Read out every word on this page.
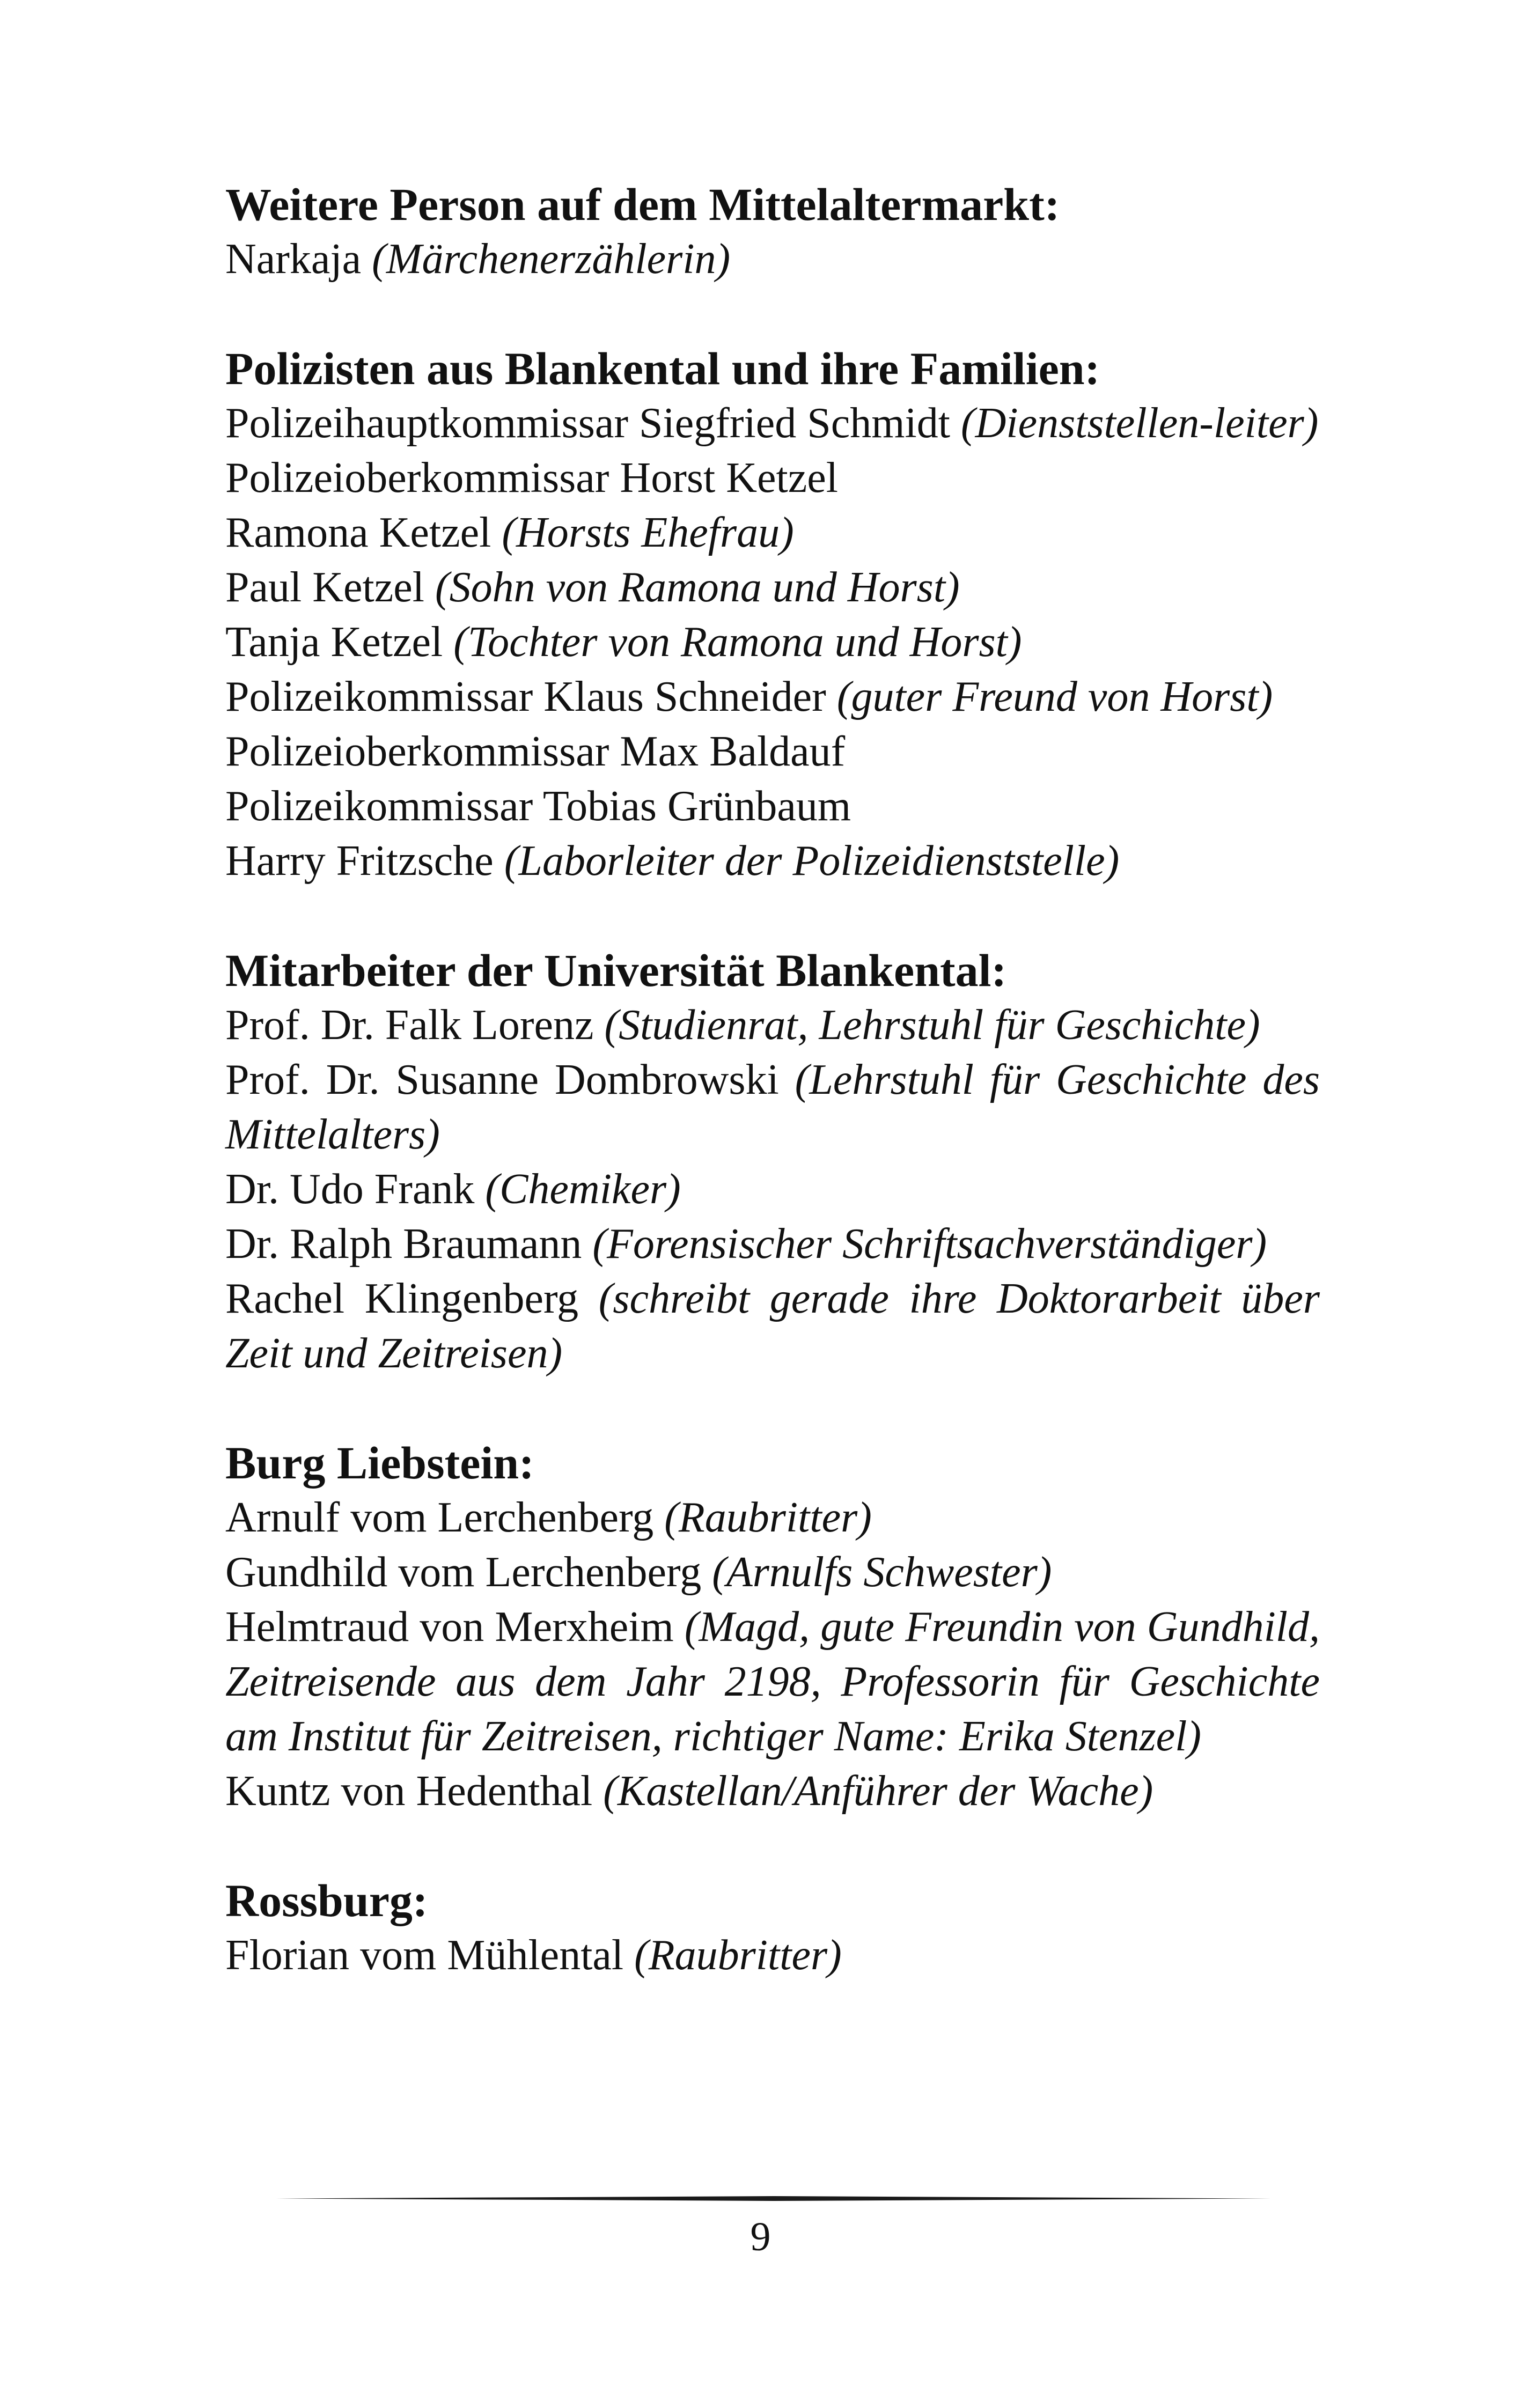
Weitere Person auf dem Mittelaltermarkt:

Narkaja (Märchenerzählerin)

Polizisten aus Blankental und ihre Familien:

Polizeihauptkommissar Siegfried Schmidt (Dienststellen-leiter)

Polizeioberkommissar Horst Ketzel

Ramona Ketzel (Horsts Ehefrau)

Paul Ketzel (Sohn von Ramona und Horst)

Tanja Ketzel (Tochter von Ramona und Horst)

Polizeikommissar Klaus Schneider (guter Freund von Horst)

Polizeioberkommissar Max Baldauf

Polizeikommissar Tobias Grünbaum

Harry Fritzsche (Laborleiter der Polizeidienststelle)

Mitarbeiter der Universität Blankental:

Prof. Dr. Falk Lorenz (Studienrat, Lehrstuhl für Geschichte)

Prof. Dr. Susanne Dombrowski (Lehrstuhl für Geschichte des Mittelalters)

Dr. Udo Frank (Chemiker)

Dr. Ralph Braumann (Forensischer Schriftsachverständiger)

Rachel Klingenberg (schreibt gerade ihre Doktorarbeit über Zeit und Zeitreisen)

Burg Liebstein:

Arnulf vom Lerchenberg (Raubritter)

Gundhild vom Lerchenberg (Arnulfs Schwester)

Helmtraud von Merxheim (Magd, gute Freundin von Gundhild, Zeitreisende aus dem Jahr 2198, Professorin für Geschichte am Institut für Zeitreisen, richtiger Name: Erika Stenzel)

Kuntz von Hedenthal (Kastellan/Anführer der Wache)

Rossburg:

Florian vom Mühlental (Raubritter)

9
